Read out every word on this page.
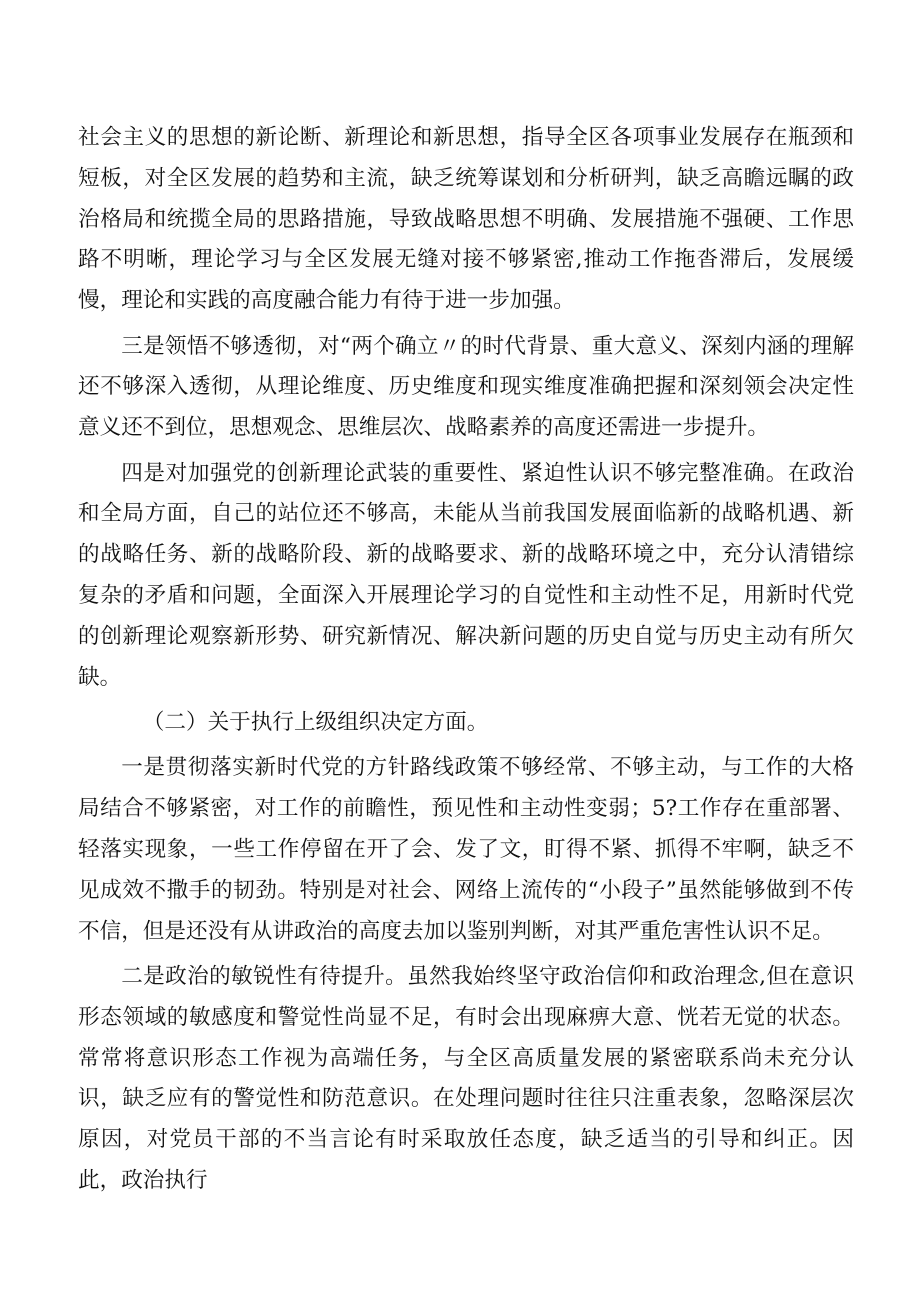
社会主义的思想的新论断、新理论和新思想，指导全区各项事业发展存在瓶颈和短板，对全区发展的趋势和主流，缺乏统筹谋划和分析研判，缺乏高瞻远瞩的政治格局和统揽全局的思路措施，导致战略思想不明确、发展措施不强硬、工作思路不明晰，理论学习与全区发展无缝对接不够紧密,推动工作拖沓滞后，发展缓慢，理论和实践的高度融合能力有待于进一步加强。

三是领悟不够透彻，对“两个确立〃的时代背景、重大意义、深刻内涵的理解还不够深入透彻，从理论维度、历史维度和现实维度准确把握和深刻领会决定性意义还不到位，思想观念、思维层次、战略素养的高度还需进一步提升。

四是对加强党的创新理论武装的重要性、紧迫性认识不够完整准确。在政治和全局方面，自己的站位还不够高，未能从当前我国发展面临新的战略机遇、新的战略任务、新的战略阶段、新的战略要求、新的战略环境之中，充分认清错综复杂的矛盾和问题，全面深入开展理论学习的自觉性和主动性不足，用新时代党的创新理论观察新形势、研究新情况、解决新问题的历史自觉与历史主动有所欠缺。

（二）关于执行上级组织决定方面。

一是贯彻落实新时代党的方针路线政策不够经常、不够主动，与工作的大格局结合不够紧密，对工作的前瞻性，预见性和主动性变弱；5?工作存在重部署、轻落实现象，一些工作停留在开了会、发了文，盯得不紧、抓得不牢啊，缺乏不见成效不撒手的韧劲。特别是对社会、网络上流传的“小段子”虽然能够做到不传不信，但是还没有从讲政治的高度去加以鉴别判断，对其严重危害性认识不足。

二是政治的敏锐性有待提升。虽然我始终坚守政治信仰和政治理念,但在意识形态领域的敏感度和警觉性尚显不足，有时会出现麻痹大意、恍若无觉的状态。常常将意识形态工作视为高端任务，与全区高质量发展的紧密联系尚未充分认识，缺乏应有的警觉性和防范意识。在处理问题时往往只注重表象，忽略深层次原因，对党员干部的不当言论有时采取放任态度，缺乏适当的引导和纠正。因此，政治执行
